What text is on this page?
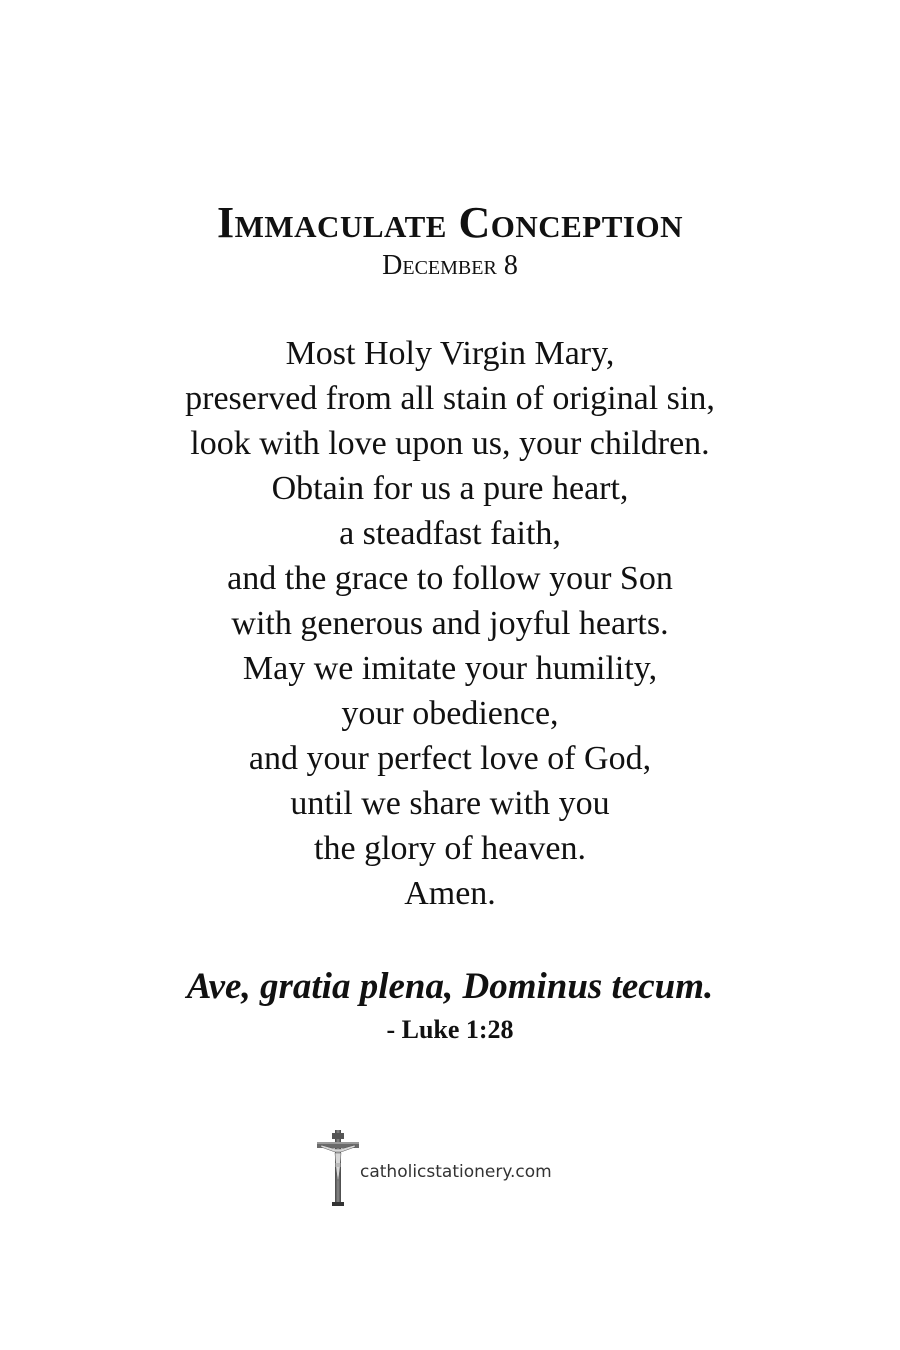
Immaculate Conception
December 8
Most Holy Virgin Mary,
preserved from all stain of original sin,
look with love upon us, your children.
Obtain for us a pure heart,
a steadfast faith,
and the grace to follow your Son
with generous and joyful hearts.
May we imitate your humility,
your obedience,
and your perfect love of God,
until we share with you
the glory of heaven.
Amen.
Ave, gratia plena, Dominus tecum.
- Luke 1:28
catholicstationery.com
